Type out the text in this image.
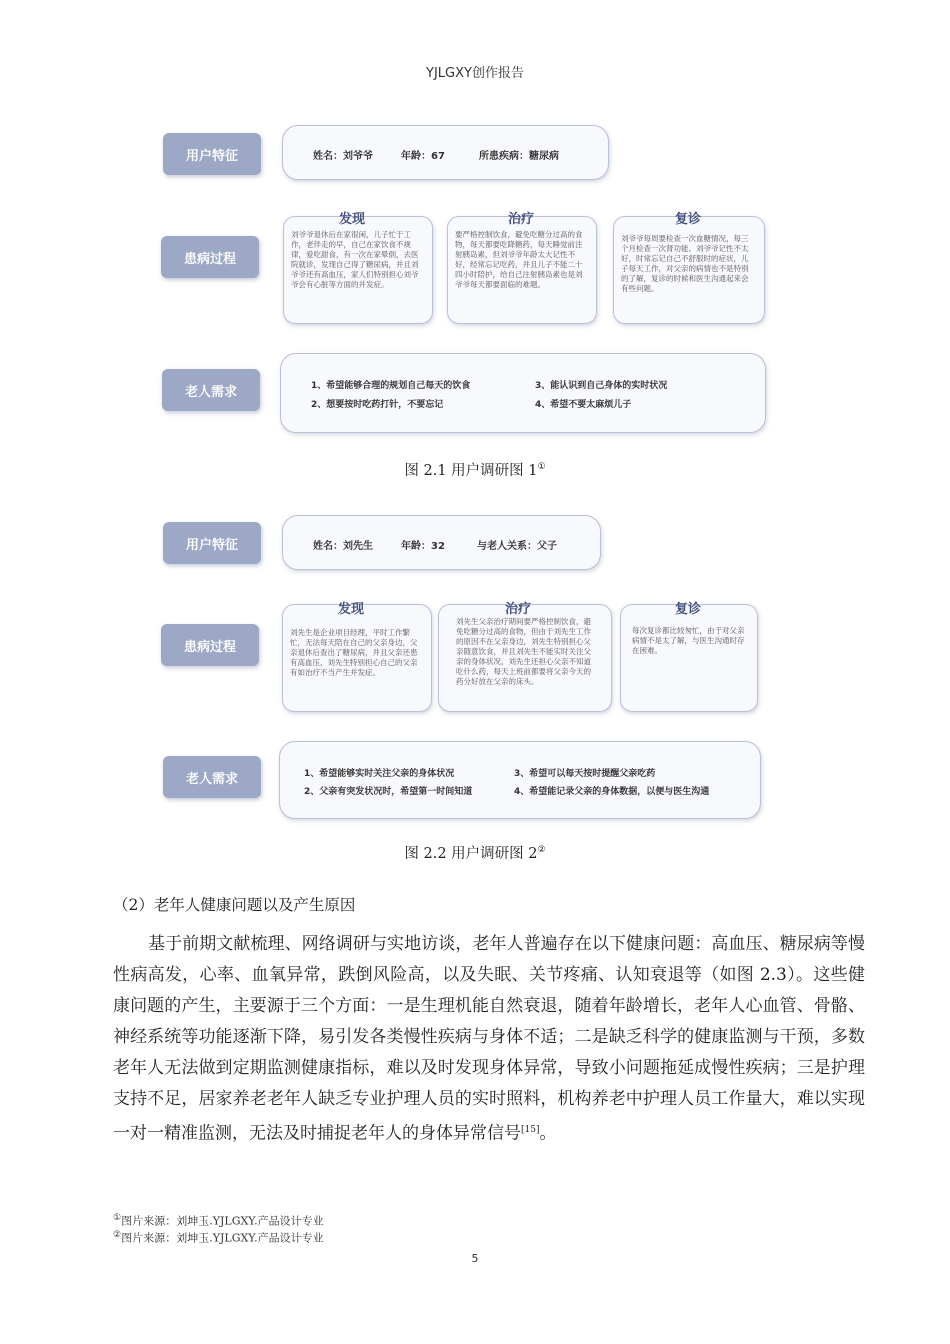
YJLGXY创作报告
用户特征	姓名：刘爷爷	年龄：67	所患疾病：糖尿病
患病过程
发现
刘爷爷退休后在家很闲，儿子忙于工作，老伴走的早，自己在家饮食不规律，爱吃甜食，有一次在家晕倒，去医院就诊，发现自己得了糖尿病，并且刘爷爷还有高血压，家人们特别担心刘爷爷会有心脏等方面的并发症。
治疗
要严格控制饮食，避免吃糖分过高的食物，每天都要吃降糖药，每天睡觉前注射胰岛素，但刘爷爷年龄太大记性不好，经常忘记吃药，并且儿子不能二十四小时陪护，给自己注射胰岛素也是刘爷爷每天都要面临的难题。
复诊
刘爷爷每周要检查一次血糖情况，每三个月检查一次肾功能。刘爷爷记性不太好，时常忘记自己不舒服时的症状，儿子每天工作，对父亲的病情也不是特别的了解，复诊的时候和医生沟通起来会有些问题。
老人需求	1、希望能够合理的规划自己每天的饮食
2、想要按时吃药打针，不要忘记
3、能认识到自己身体的实时状况
4、希望不要太麻烦儿子
图 2.1 用户调研图 1①
用户特征	姓名：刘先生	年龄：32	与老人关系：父子
患病过程
发现
刘先生是企业项目经理，平时工作繁忙，无法每天陪在自己的父亲身边，父亲退休后查出了糖尿病，并且父亲还患有高血压，刘先生特别担心自己的父亲有如治疗不当产生并发症。
治疗
刘先生父亲治疗期间要严格控制饮食，避免吃糖分过高的食物，但由于刘先生工作的原因不在父亲身边，刘先生特别担心父亲随意饮食，并且刘先生不能实时关注父亲的身体状况，刘先生还担心父亲不知道吃什么药，每天上班前都要将父亲今天的药分好放在父亲的床头。
复诊
每次复诊都比较匆忙，由于对父亲病情不是太了解，与医生沟通时存在困难。
老人需求	1、希望能够实时关注父亲的身体状况
2、父亲有突发状况时，希望第一时间知道
3、希望可以每天按时提醒父亲吃药
4、希望能记录父亲的身体数据，以便与医生沟通
图 2.2 用户调研图 2②
（2）老年人健康问题以及产生原因
基于前期文献梳理、网络调研与实地访谈，老年人普遍存在以下健康问题：高血压、糖尿病等慢性病高发，心率、血氧异常，跌倒风险高，以及失眠、关节疼痛、认知衰退等（如图 2.3）。这些健康问题的产生，主要源于三个方面：一是生理机能自然衰退，随着年龄增长，老年人心血管、骨骼、神经系统等功能逐渐下降，易引发各类慢性疾病与身体不适；二是缺乏科学的健康监测与干预，多数老年人无法做到定期监测健康指标，难以及时发现身体异常，导致小问题拖延成慢性疾病；三是护理支持不足，居家养老老年人缺乏专业护理人员的实时照料，机构养老中护理人员工作量大，难以实现一对一精准监测，无法及时捕捉老年人的身体异常信号[15]。
①图片来源：刘坤玉.YJLGXY.产品设计专业
②图片来源：刘坤玉.YJLGXY.产品设计专业
5
